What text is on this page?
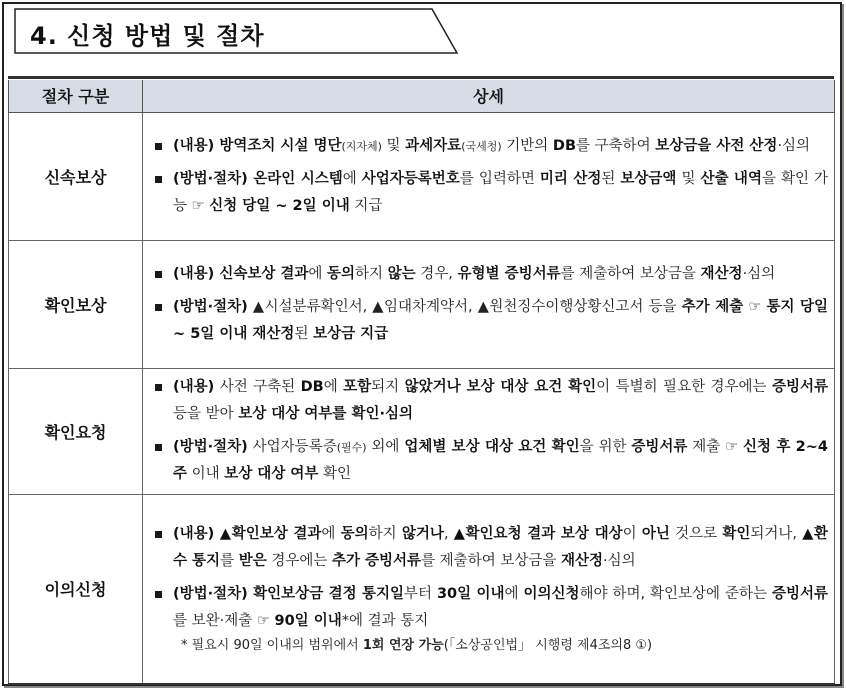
4. 신청 방법 및 절차
절차 구분	상세
신속보상	(내용) 방역조치 시설 명단(지자체) 및 과세자료(국세청) 기반의 DB를 구축하여 보상금을 사전 산정·심의
(방법·절차) 온라인 시스템에 사업자등록번호를 입력하면 미리 산정된 보상금액 및 산출 내역을 확인 가능 ☞ 신청 당일 ~ 2일 이내 지급

확인보상	(내용) 신속보상 결과에 동의하지 않는 경우, 유형별 증빙서류를 제출하여 보상금을 재산정·심의
(방법·절차) ▲시설분류확인서, ▲임대차계약서, ▲원천징수이행상황신고서 등을 추가 제출 ☞ 통지 당일 ~ 5일 이내 재산정된 보상금 지급

확인요청	(내용) 사전 구축된 DB에 포함되지 않았거나 보상 대상 요건 확인이 특별히 필요한 경우에는 증빙서류 등을 받아 보상 대상 여부를 확인·심의
(방법·절차) 사업자등록증(필수) 외에 업체별 보상 대상 요건 확인을 위한 증빙서류 제출 ☞ 신청 후 2~4주 이내 보상 대상 여부 확인

이의신청	(내용) ▲확인보상 결과에 동의하지 않거나, ▲확인요청 결과 보상 대상이 아닌 것으로 확인되거나, ▲환수 통지를 받은 경우에는 추가 증빙서류를 제출하여 보상금을 재산정·심의
(방법·절차) 확인보상금 결정 통지일부터 30일 이내에 이의신청해야 하며, 확인보상에 준하는 증빙서류를 보완·제출 ☞ 90일 이내*에 결과 통지
* 필요시 90일 이내의 범위에서 1회 연장 가능(「소상공인법」 시행령 제4조의8 ①)
